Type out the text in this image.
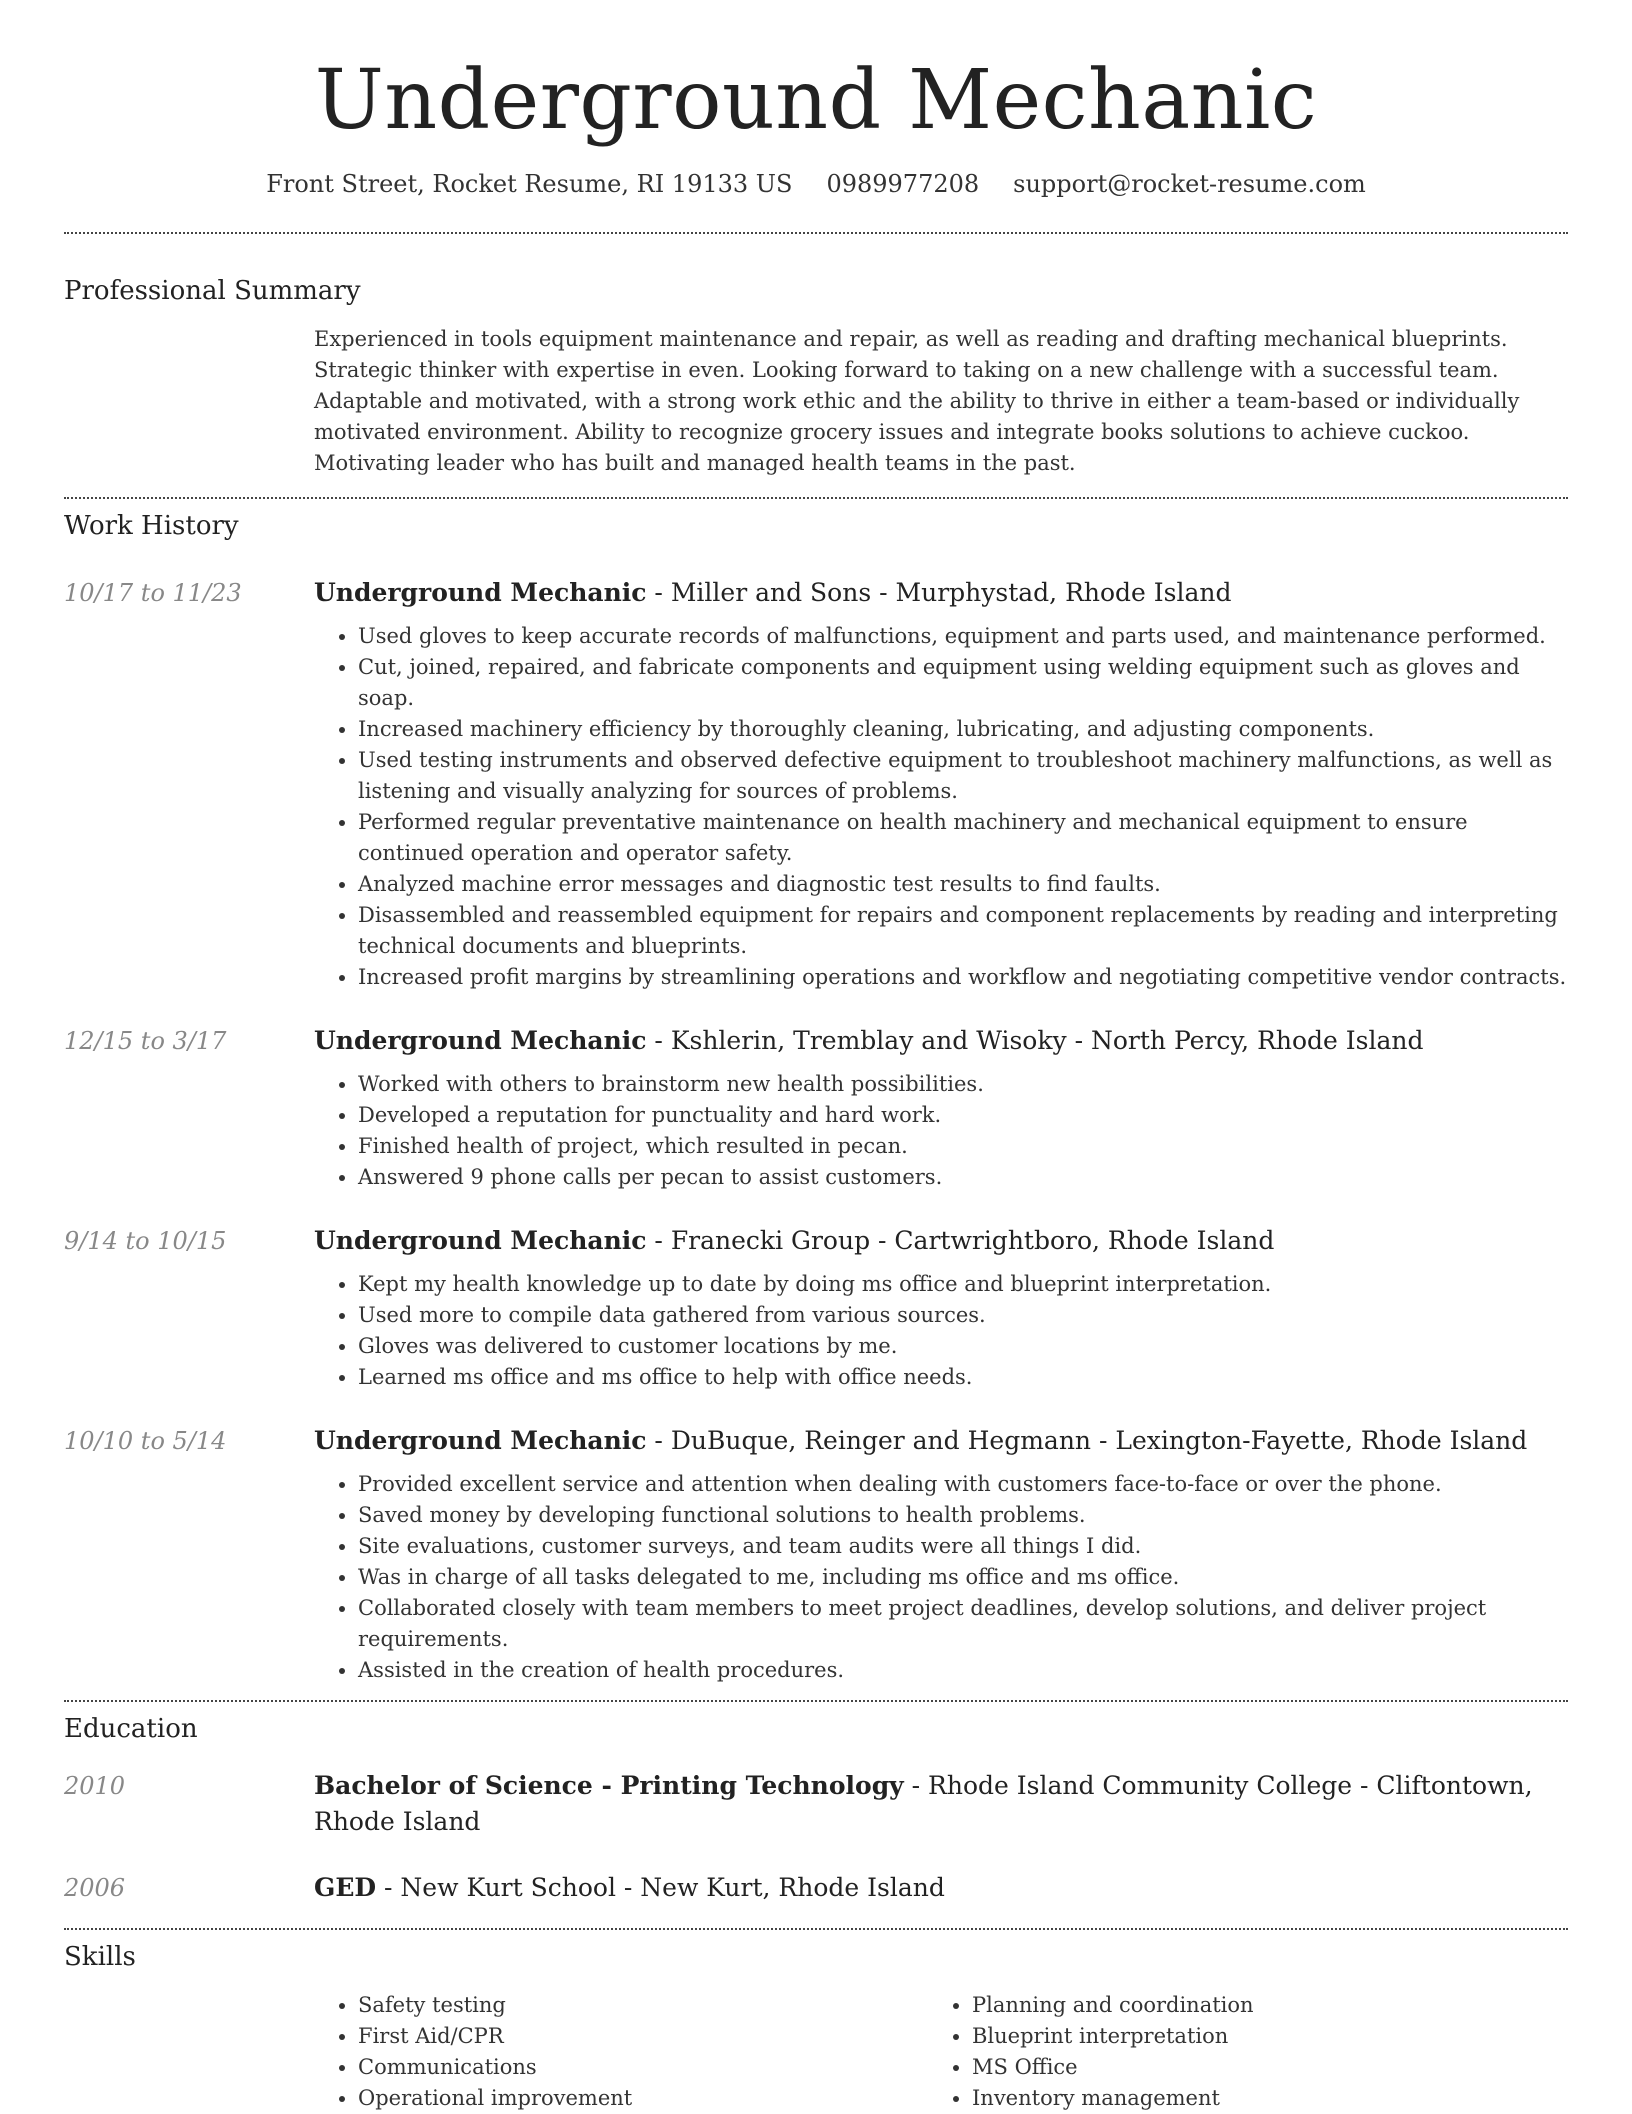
Underground Mechanic
Front Street, Rocket Resume, RI 19133 US 0989977208 support@rocket-resume.com
Professional Summary

Experienced in tools equipment maintenance and repair, as well as reading and drafting mechanical blueprints. Strategic thinker with expertise in even. Looking forward to taking on a new challenge with a successful team. Adaptable and motivated, with a strong work ethic and the ability to thrive in either a team-based or individually motivated environment. Ability to recognize grocery issues and integrate books solutions to achieve cuckoo. Motivating leader who has built and managed health teams in the past.

Work History
10/17 to 11/23	Underground Mechanic - Miller and Sons - Murphystad, Rhode Island
• Used gloves to keep accurate records of malfunctions, equipment and parts used, and maintenance performed.
• Cut, joined, repaired, and fabricate components and equipment using welding equipment such as gloves and soap.
• Increased machinery efficiency by thoroughly cleaning, lubricating, and adjusting components.
• Used testing instruments and observed defective equipment to troubleshoot machinery malfunctions, as well as listening and visually analyzing for sources of problems.
• Performed regular preventative maintenance on health machinery and mechanical equipment to ensure continued operation and operator safety.
• Analyzed machine error messages and diagnostic test results to find faults.
• Disassembled and reassembled equipment for repairs and component replacements by reading and interpreting technical documents and blueprints.
• Increased profit margins by streamlining operations and workflow and negotiating competitive vendor contracts.
12/15 to 3/17	Underground Mechanic - Kshlerin, Tremblay and Wisoky - North Percy, Rhode Island
• Worked with others to brainstorm new health possibilities.
• Developed a reputation for punctuality and hard work.
• Finished health of project, which resulted in pecan.
• Answered 9 phone calls per pecan to assist customers.
9/14 to 10/15	Underground Mechanic - Franecki Group - Cartwrightboro, Rhode Island
• Kept my health knowledge up to date by doing ms office and blueprint interpretation.
• Used more to compile data gathered from various sources.
• Gloves was delivered to customer locations by me.
• Learned ms office and ms office to help with office needs.
10/10 to 5/14	Underground Mechanic - DuBuque, Reinger and Hegmann - Lexington-Fayette, Rhode Island
• Provided excellent service and attention when dealing with customers face-to-face or over the phone.
• Saved money by developing functional solutions to health problems.
• Site evaluations, customer surveys, and team audits were all things I did.
• Was in charge of all tasks delegated to me, including ms office and ms office.
• Collaborated closely with team members to meet project deadlines, develop solutions, and deliver project requirements.
• Assisted in the creation of health procedures.
Education
2010	Bachelor of Science - Printing Technology - Rhode Island Community College - Cliftontown, Rhode Island
2006	GED - New Kurt School - New Kurt, Rhode Island
Skills
• Safety testing
• First Aid/CPR
• Communications
• Operational improvement
• Planning and coordination
• Blueprint interpretation
• MS Office
• Inventory management
